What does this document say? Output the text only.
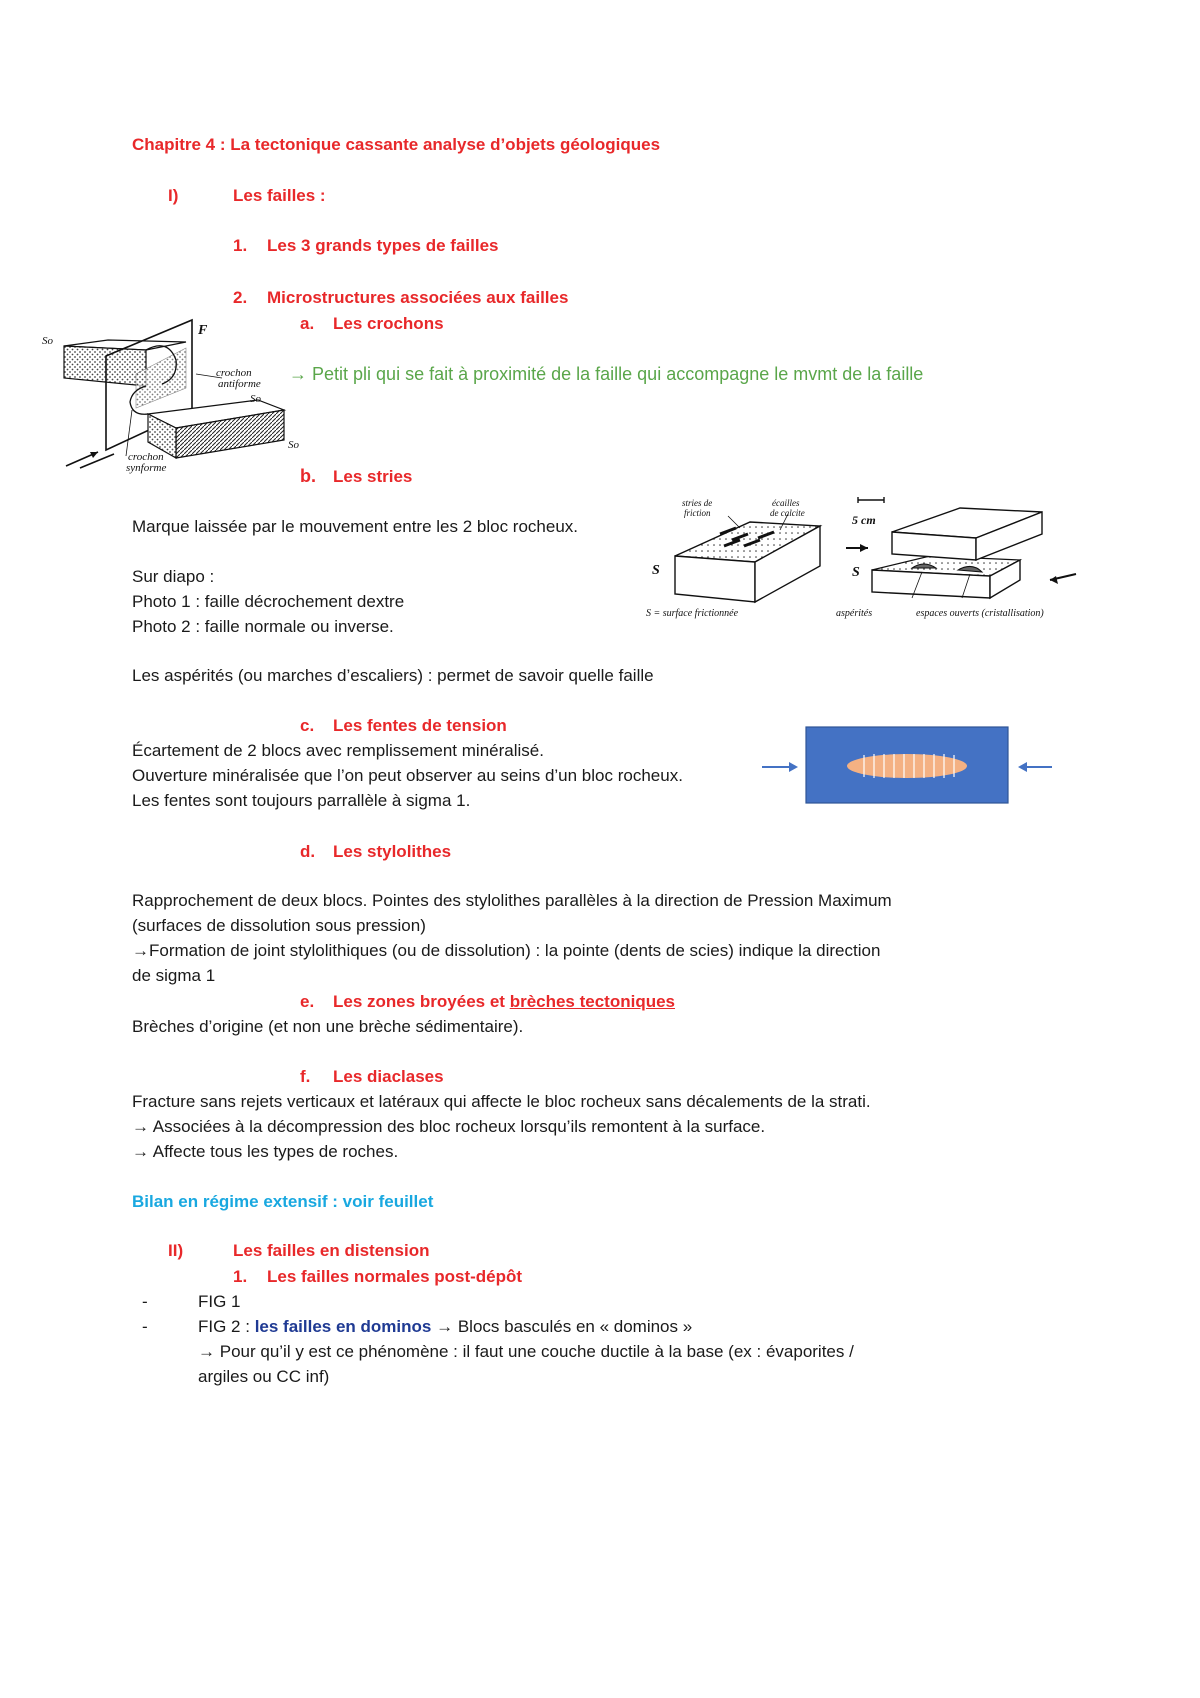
Chapitre 4 : La tectonique cassante analyse d’objets géologiques
I)	Les failles :
1. Les 3 grands types de failles
2. Microstructures associées aux failles
a. Les crochons
→ Petit pli qui se fait à proximité de la faille qui accompagne le mvmt de la faille
So
F
crochon
antiforme
So
So
crochon
synforme	b. Les stries
Marque laissée par le mouvement entre les 2 bloc rocheux.
Sur diapo :
Photo 1 : faille décrochement dextre
Photo 2 : faille normale ou inverse.
Les aspérités (ou marches d’escaliers) : permet de savoir quelle faille
stries de
friction
écailles
de calcite
S
S = surface frictionnée
5 cm
S
aspérités	espaces ouverts (cristallisation)
c. Les fentes de tension
Écartement de 2 blocs avec remplissement minéralisé.
Ouverture minéralisée que l’on peut observer au seins d’un bloc rocheux.
Les fentes sont toujours parrallèle à sigma 1.
d. Les stylolithes
Rapprochement de deux blocs. Pointes des stylolithes parallèles à la direction de Pression Maximum
(surfaces de dissolution sous pression)
→Formation de joint stylolithiques (ou de dissolution) : la pointe (dents de scies) indique la direction
de sigma 1
e. Les zones broyées et brèches tectoniques
Brèches d’origine (et non une brèche sédimentaire).
f. Les diaclases
Fracture sans rejets verticaux et latéraux qui affecte le bloc rocheux sans décalements de la strati.
→ Associées à la décompression des bloc rocheux lorsqu’ils remontent à la surface.
→ Affecte tous les types de roches.
Bilan en régime extensif : voir feuillet
II)	Les failles en distension
1. Les failles normales post-dépôt
-	FIG 1
-	FIG 2 : les failles en dominos → Blocs basculés en « dominos »
→ Pour qu’il y est ce phénomène : il faut une couche ductile à la base (ex : évaporites /
argiles ou CC inf)
